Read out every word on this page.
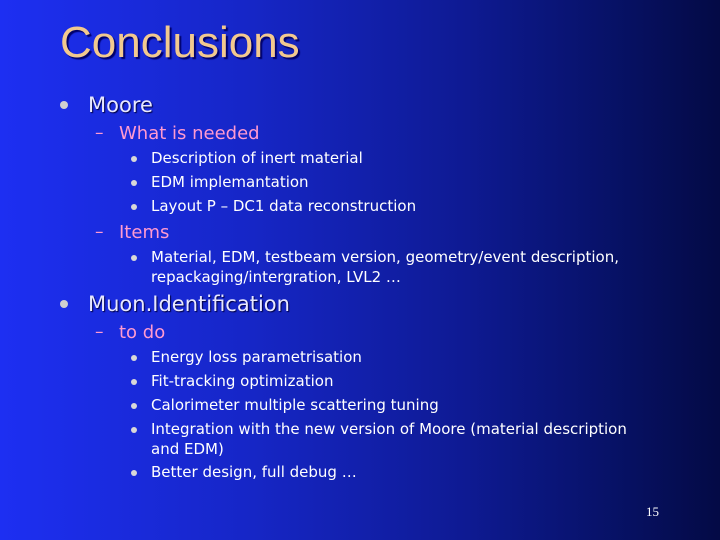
Conclusions
Moore
– What is needed
Description of inert material
EDM implemantation
Layout P – DC1 data reconstruction
– Items
Material, EDM, testbeam version, geometry/event description,
repackaging/intergration, LVL2 …
Muon.Identification
– to do
Energy loss parametrisation
Fit-tracking optimization
Calorimeter multiple scattering tuning
Integration with the new version of Moore (material description
and EDM)
Better design, full debug …
15
